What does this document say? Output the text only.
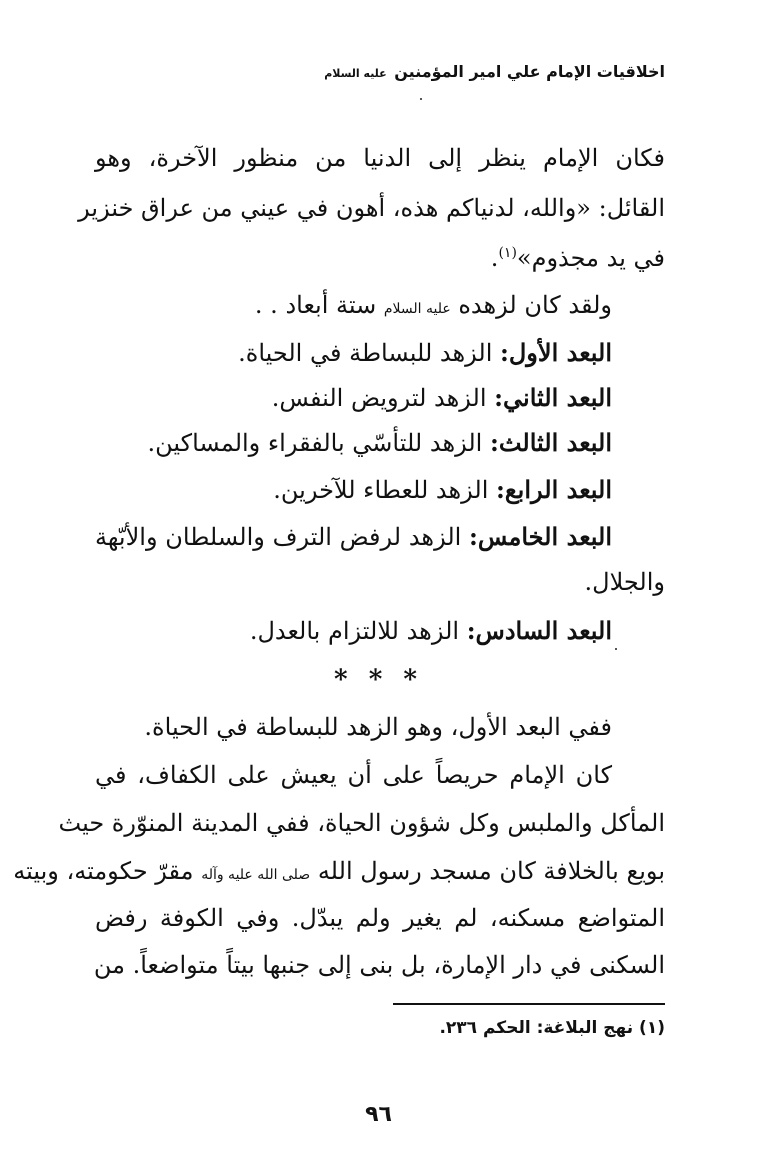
اخلاقيات الإمام علي امير المؤمنين عليه السلام
فكان الإمام ينظر إلى الدنيا من منظور الآخرة، وهو
القائل: «والله، لدنياكم هذه، أهون في عيني من عراق خنزير
في يد مجذوم»$^{(١)}$.
ولقد كان لزهده عليه السلام ستة أبعاد . .
البعد الأول: الزهد للبساطة في الحياة.
البعد الثاني: الزهد لترويض النفس.
البعد الثالث: الزهد للتأسّي بالفقراء والمساكين.
البعد الرابع: الزهد للعطاء للآخرين.
البعد الخامس: الزهد لرفض الترف والسلطان والأبّهة
والجلال.
البعد السادس: الزهد للالتزام بالعدل.
* * *
ففي البعد الأول، وهو الزهد للبساطة في الحياة.
كان الإمام حريصاً على أن يعيش على الكفاف، في
المأكل والملبس وكل شؤون الحياة، ففي المدينة المنوّرة حيث
بويع بالخلافة كان مسجد رسول الله صلى الله عليه وآله مقرّ حكومته، وبيته
المتواضع مسكنه، لم يغير ولم يبدّل. وفي الكوفة رفض
السكنى في دار الإمارة، بل بنى إلى جنبها بيتاً متواضعاً. من
(١) نهج البلاغة: الحكم ٢٣٦.
٩٦
